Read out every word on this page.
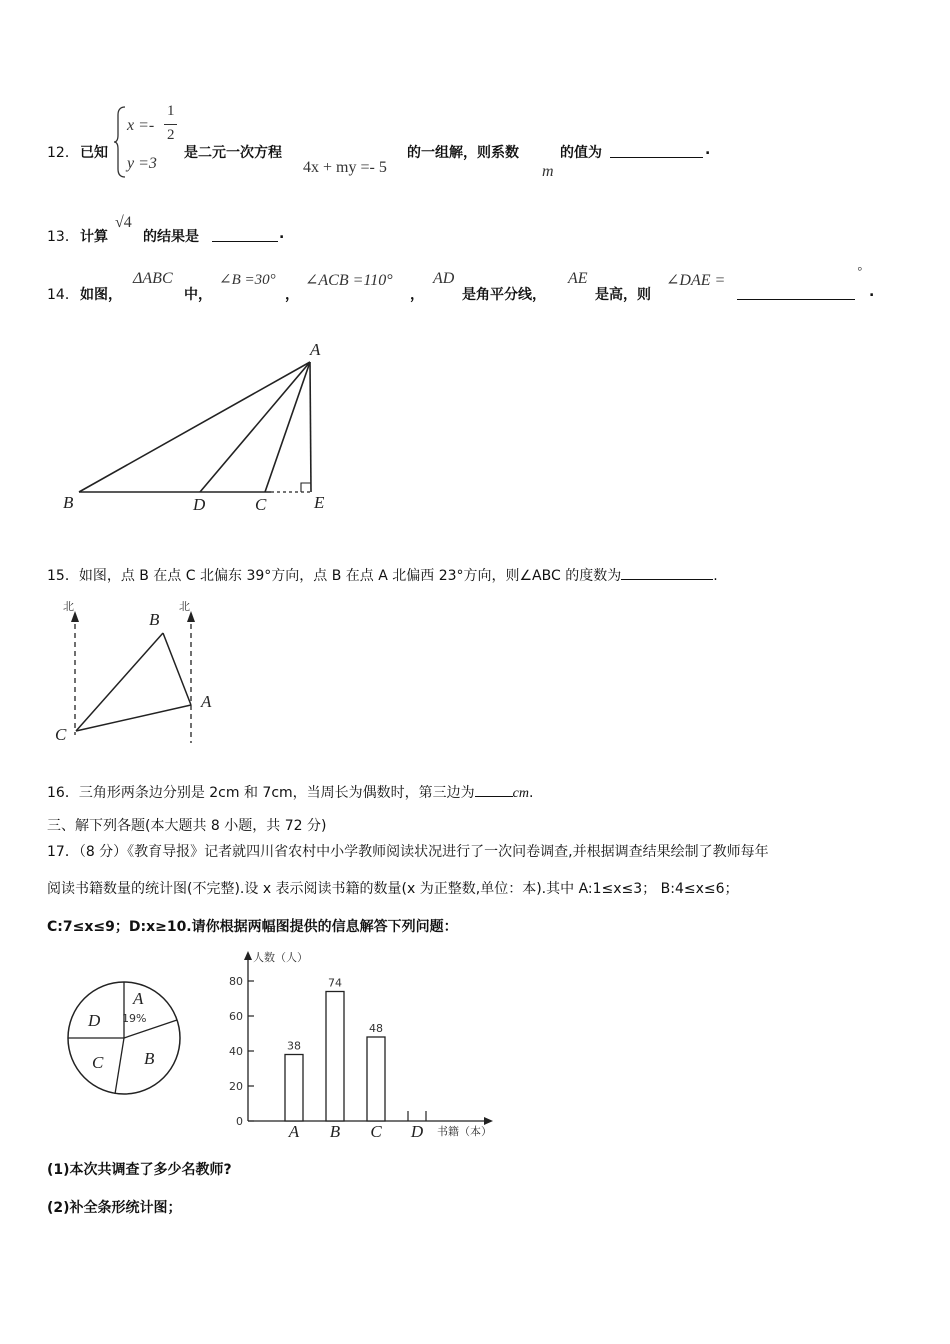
12． 已知
x =-
1
2
y =3
是二元一次方程
4x + my =- 5
的一组解，则系数
m
的值为	.
13． 计算
√4
的结果是	.
14． 如图，
ΔABC
中，
∠B =30°
，
∠ACB =110°
，
AD
是角平分线，
AE
是高，则
∠DAE =
°
.
A
B	D	C	E
15．如图，点 B 在点 C 北偏东 39°方向，点 B 在点 A 北偏西 23°方向，则∠ABC 的度数为	.
北	北
B
A
C
16．三角形两条边分别是 2cm 和 7cm，当周长为偶数时，第三边为	cm.
三、解下列各题(本大题共 8 小题，共 72 分)
17．（8 分）《教育导报》记者就四川省农村中小学教师阅读状况进行了一次问卷调查,并根据调查结果绘制了教师每年
阅读书籍数量的统计图(不完整).设 x 表示阅读书籍的数量(x 为正整数,单位：本).其中 A:1≤x≤3； B:4≤x≤6；
C:7≤x≤9；D:x≥10.请你根据两幅图提供的信息解答下列问题：
A
19%
B
C
D
人数（人）
书籍（本）
0
20
40
60
80
38
A
74
B
48
C D
(1)本次共调查了多少名教师?
(2)补全条形统计图；
